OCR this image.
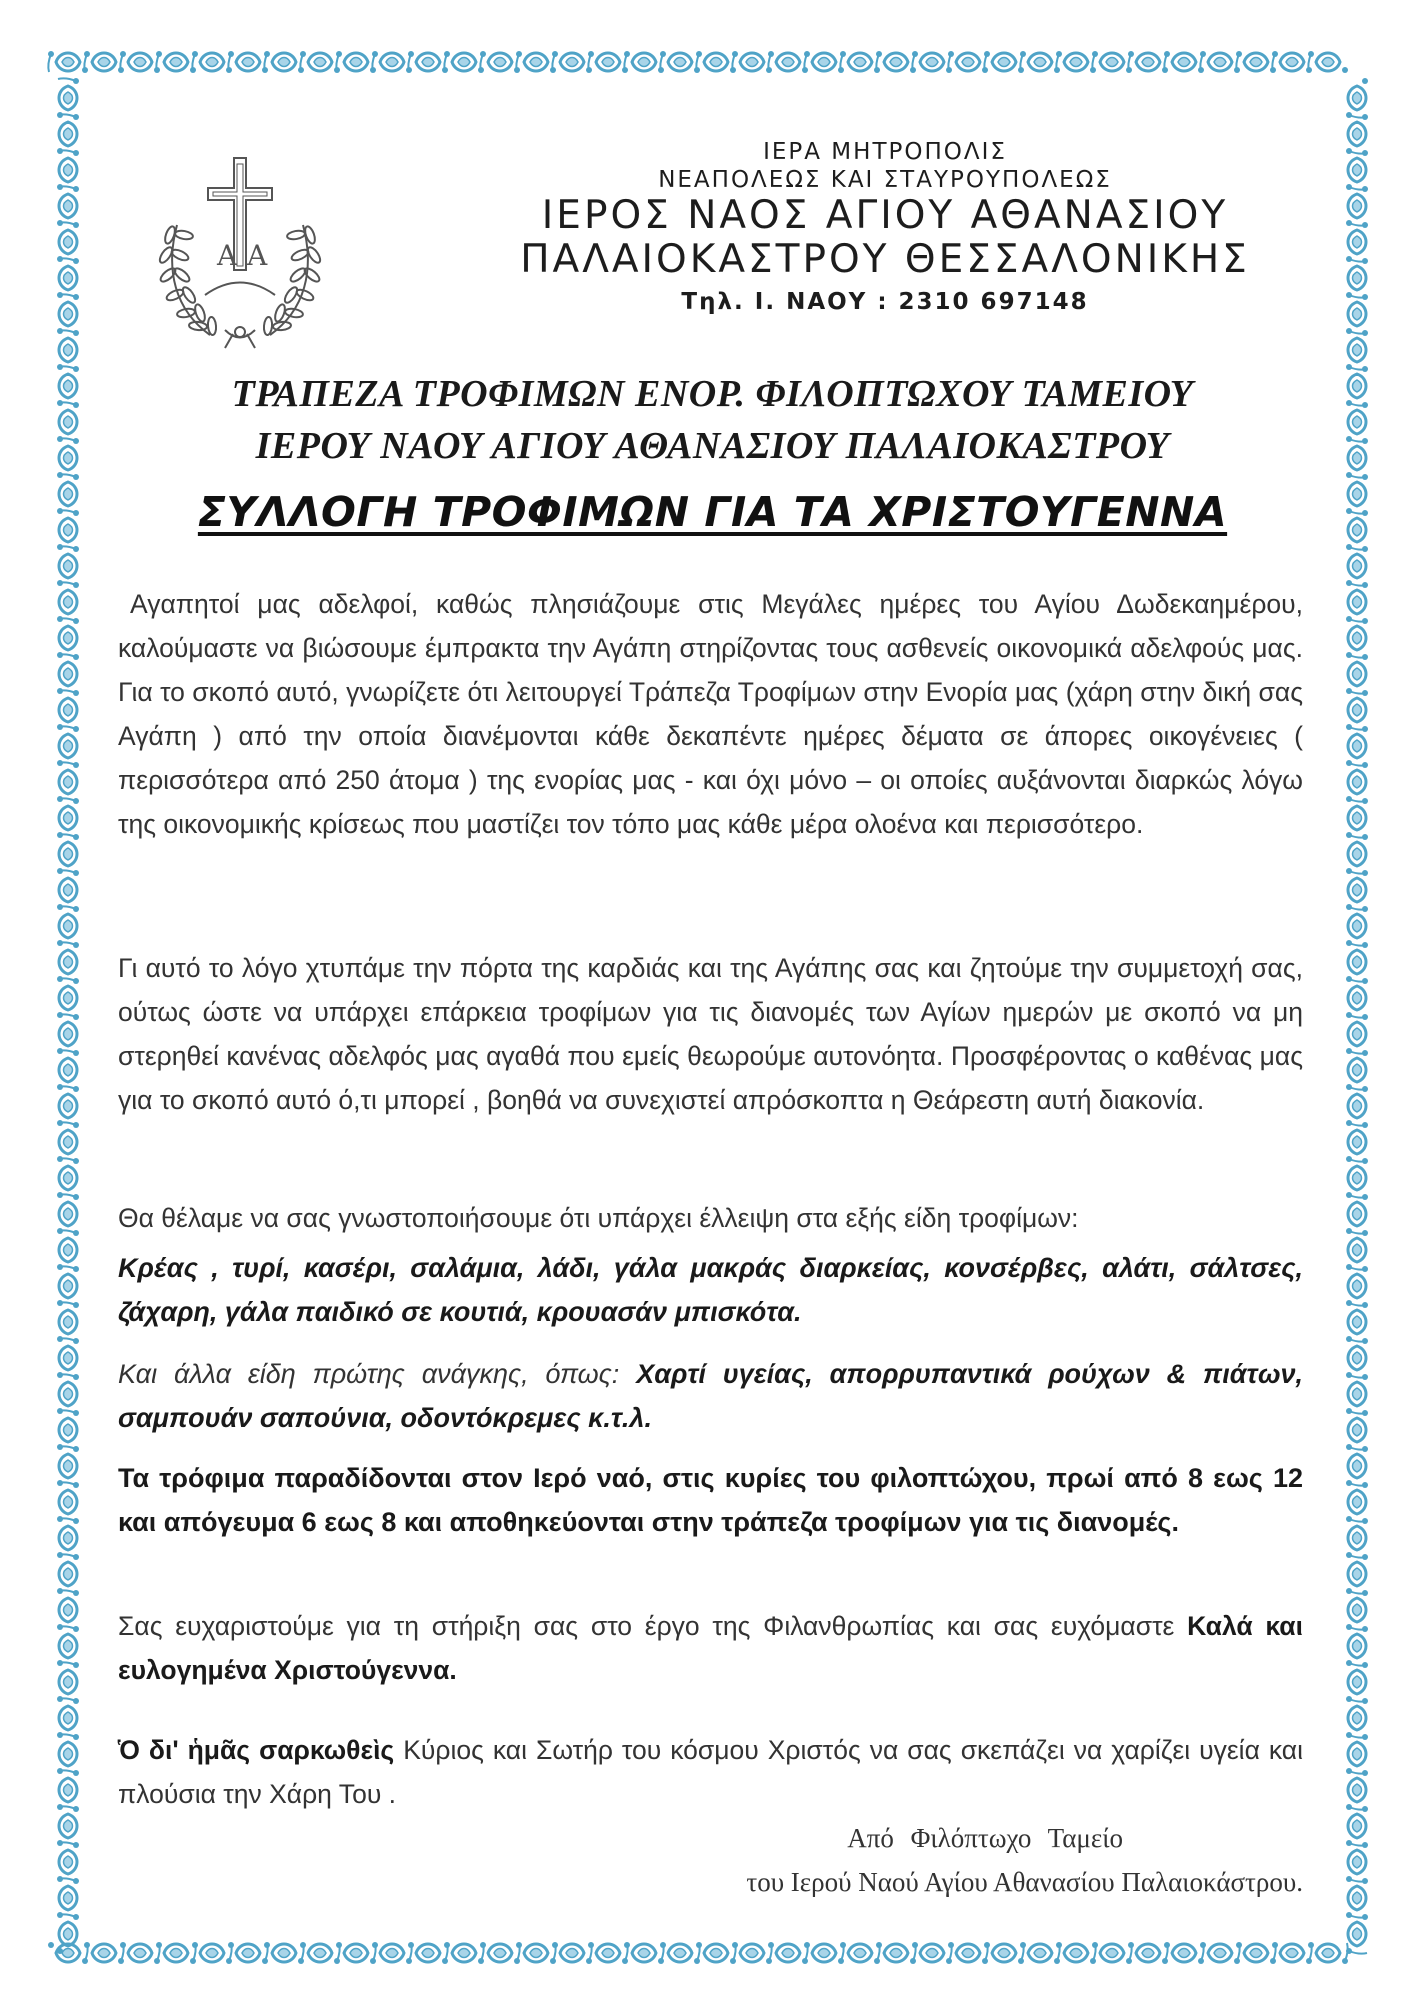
Α Α
ΙΕΡΑ ΜΗΤΡΟΠΟΛΙΣ
ΝΕΑΠΟΛΕΩΣ ΚΑΙ ΣΤΑΥΡΟΥΠΟΛΕΩΣ
ΙΕΡΟΣ ΝΑΟΣ ΑΓΙΟΥ ΑΘΑΝΑΣΙΟΥ
ΠΑΛΑΙΟΚΑΣΤΡΟΥ ΘΕΣΣΑΛΟΝΙΚΗΣ
Τηλ. Ι. ΝΑΟΥ : 2310 697148
ΤΡΑΠΕΖΑ ΤΡΟΦΙΜΩΝ ΕΝΟΡ. ΦΙΛΟΠΤΩΧΟΥ ΤΑΜΕΙΟΥ
ΙΕΡΟΥ ΝΑΟΥ ΑΓΙΟΥ ΑΘΑΝΑΣΙΟΥ ΠΑΛΑΙΟΚΑΣΤΡΟΥ
ΣΥΛΛΟΓΗ ΤΡΟΦΙΜΩΝ ΓΙΑ ΤΑ ΧΡΙΣΤΟΥΓΕΝΝΑ

Αγαπητοί μας αδελφοί, καθώς πλησιάζουμε στις Μεγάλες ημέρες του Αγίου Δωδεκαημέρου, καλούμαστε να βιώσουμε έμπρακτα την Αγάπη στηρίζοντας τους ασθενείς οικονομικά αδελφούς μας. Για το σκοπό αυτό, γνωρίζετε ότι λειτουργεί Τράπεζα Τροφίμων στην Ενορία μας (χάρη στην δική σας Αγάπη ) από την οποία διανέμονται κάθε δεκαπέντε ημέρες δέματα σε άπορες οικογένειες ( περισσότερα από 250 άτομα ) της ενορίας μας - και όχι μόνο – οι οποίες αυξάνονται διαρκώς λόγω της οικονομικής κρίσεως που μαστίζει τον τόπο μας κάθε μέρα ολοένα και περισσότερο.

Γι αυτό το λόγο χτυπάμε την πόρτα της καρδιάς και της Αγάπης σας και ζητούμε την συμμετοχή σας, ούτως ώστε να υπάρχει επάρκεια τροφίμων για τις διανομές των Αγίων ημερών με σκοπό να μη στερηθεί κανένας αδελφός μας αγαθά που εμείς θεωρούμε αυτονόητα. Προσφέροντας ο καθένας μας για το σκοπό αυτό ό,τι μπορεί , βοηθά να συνεχιστεί απρόσκοπτα η Θεάρεστη αυτή διακονία.

Θα θέλαμε να σας γνωστοποιήσουμε ότι υπάρχει έλλειψη στα εξής είδη τροφίμων:

Κρέας , τυρί, κασέρι, σαλάμια, λάδι, γάλα μακράς διαρκείας, κονσέρβες, αλάτι, σάλτσες, ζάχαρη, γάλα παιδικό σε κουτιά, κρουασάν μπισκότα.

Και άλλα είδη πρώτης ανάγκης, όπως: Χαρτί υγείας, απορρυπαντικά ρούχων & πιάτων, σαμπουάν σαπούνια, οδοντόκρεμες κ.τ.λ.

Τα τρόφιμα παραδίδονται στον Ιερό ναό, στις κυρίες του φιλοπτώχου, πρωί από 8 εως 12 και απόγευμα 6 εως 8 και αποθηκεύονται στην τράπεζα τροφίμων για τις διανομές.

Σας ευχαριστούμε για τη στήριξη σας στο έργο της Φιλανθρωπίας και σας ευχόμαστε Καλά και ευλογημένα Χριστούγεννα.

Ὁ δι' ἡμᾶς σαρκωθεὶς Κύριος και Σωτήρ του κόσμου Χριστός να σας σκεπάζει να χαρίζει υγεία και πλούσια την Χάρη Του .

Από Φιλόπτωχο Ταμείο
του Ιερού Ναού Αγίου Αθανασίου Παλαιοκάστρου.
